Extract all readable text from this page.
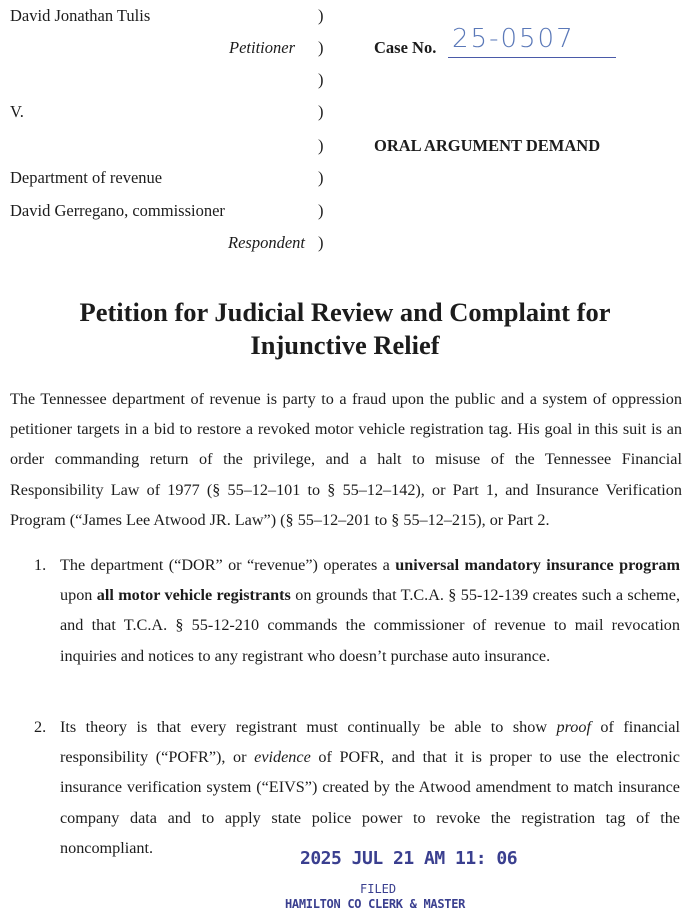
David Jonathan Tulis
Petitioner
V.
Department of revenue
David Gerregano, commissioner
Respondent
)
)
)
)
)
)
)
)
Case No. 25-0507
ORAL ARGUMENT DEMAND
Petition for Judicial Review and Complaint for
Injunctive Relief
The Tennessee department of revenue is party to a fraud upon the public and a system of oppression petitioner targets in a bid to restore a revoked motor vehicle registration tag. His goal in this suit is an order commanding return of the privilege, and a halt to misuse of the Tennessee Financial Responsibility Law of 1977 (§ 55–12–101 to § 55–12–142), or Part 1, and Insurance Verification Program (“James Lee Atwood JR. Law”) (§ 55–12–201 to § 55–12–215), or Part 2.
1. The department (“DOR” or “revenue”) operates a universal mandatory insurance program upon all motor vehicle registrants on grounds that T.C.A. § 55-12-139 creates such a scheme, and that T.C.A. § 55-12-210 commands the commissioner of revenue to mail revocation inquiries and notices to any registrant who doesn’t purchase auto insurance.
2. Its theory is that every registrant must continually be able to show proof of financial responsibility (“POFR”), or evidence of POFR, and that it is proper to use the electronic insurance verification system (“EIVS”) created by the Atwood amendment to match insurance company data and to apply state police power to revoke the registration tag of the noncompliant.
2025 JUL 21 AM 11: 06
FILED
HAMILTON CO CLERK & MASTER
